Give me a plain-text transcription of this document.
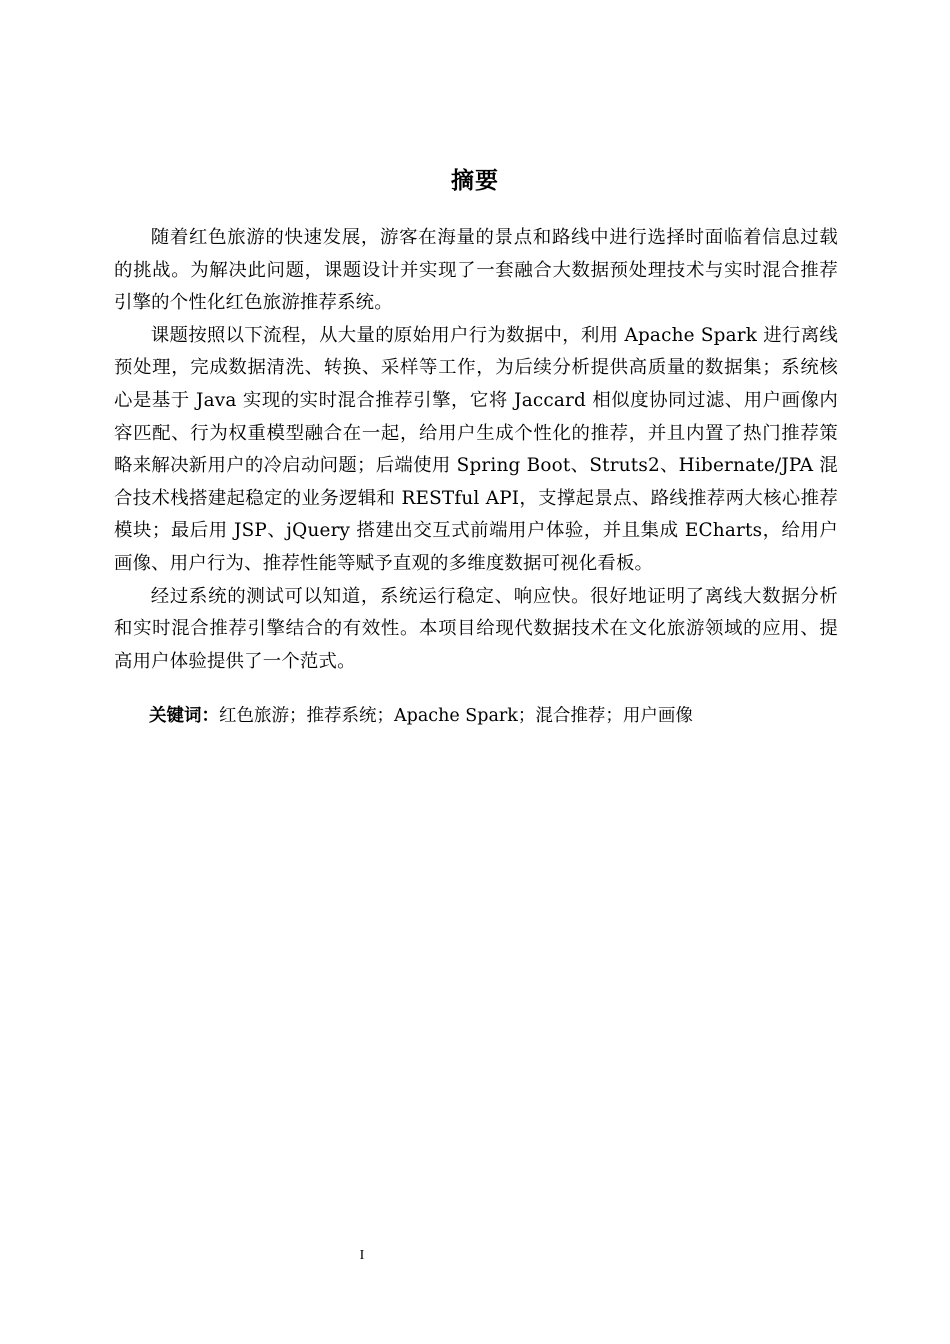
摘要

随着红色旅游的快速发展，游客在海量的景点和路线中进行选择时面临着信息过载的挑战。为解决此问题，课题设计并实现了一套融合大数据预处理技术与实时混合推荐引擎的个性化红色旅游推荐系统。

课题按照以下流程，从大量的原始用户行为数据中，利用 Apache Spark 进行离线预处理，完成数据清洗、转换、采样等工作，为后续分析提供高质量的数据集；系统核心是基于 Java 实现的实时混合推荐引擎，它将 Jaccard 相似度协同过滤、用户画像内容匹配、行为权重模型融合在一起，给用户生成个性化的推荐，并且内置了热门推荐策略来解决新用户的冷启动问题；后端使用 Spring Boot、Struts2、Hibernate/JPA 混合技术栈搭建起稳定的业务逻辑和 RESTful API，支撑起景点、路线推荐两大核心推荐模块；最后用 JSP、jQuery 搭建出交互式前端用户体验，并且集成 ECharts，给用户画像、用户行为、推荐性能等赋予直观的多维度数据可视化看板。

经过系统的测试可以知道，系统运行稳定、响应快。很好地证明了离线大数据分析和实时混合推荐引擎结合的有效性。本项目给现代数据技术在文化旅游领域的应用、提高用户体验提供了一个范式。

关键词：红色旅游；推荐系统；Apache Spark；混合推荐；用户画像
I
